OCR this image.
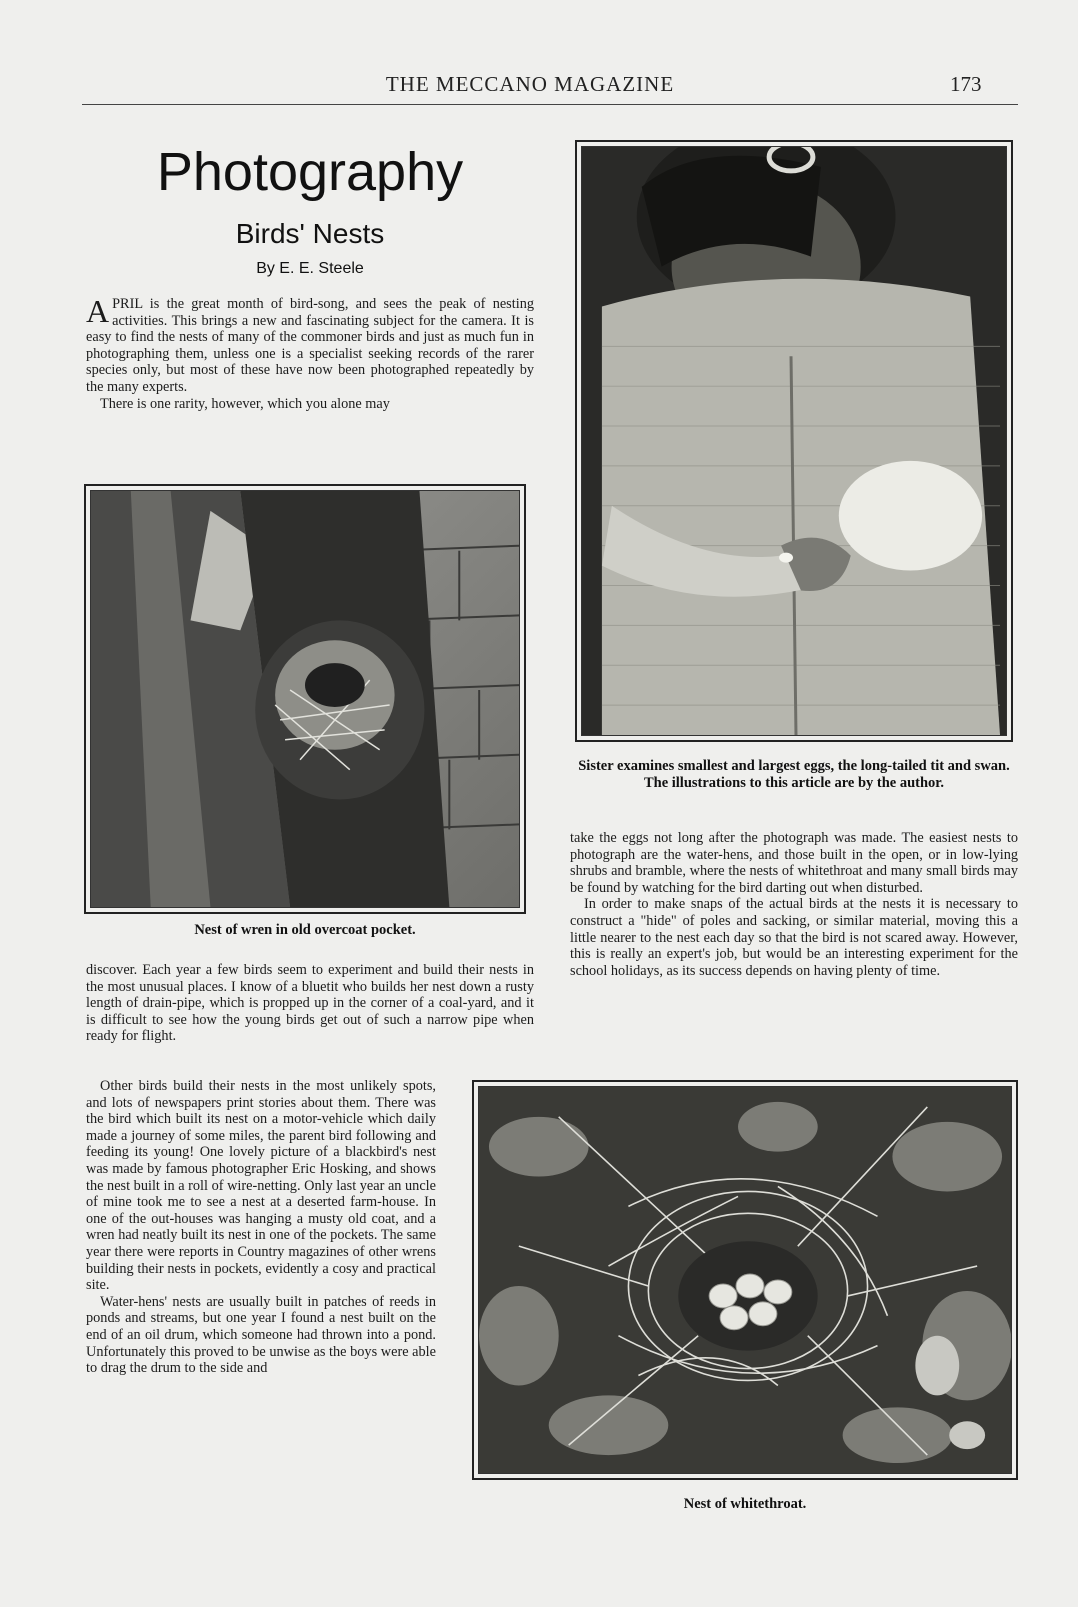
THE MECCANO MAGAZINE	173
Photography
Birds' Nests
By E. E. Steele

APRIL is the great month of bird-song, and sees the peak of nesting activities. This brings a new and fascinating subject for the camera. It is easy to find the nests of many of the commoner birds and just as much fun in photographing them, unless one is a specialist seeking records of the rarer species only, but most of these have now been photographed repeatedly by the many experts.

There is one rarity, however, which you alone may

Nest of wren in old overcoat pocket.

discover. Each year a few birds seem to experiment and build their nests in the most unusual places. I know of a bluetit who builds her nest down a rusty length of drain-pipe, which is propped up in the corner of a coal-yard, and it is difficult to see how the young birds get out of such a narrow pipe when ready for flight.

Other birds build their nests in the most unlikely spots, and lots of newspapers print stories about them. There was the bird which built its nest on a motor-vehicle which daily made a journey of some miles, the parent bird following and feeding its young! One lovely picture of a blackbird's nest was made by famous photographer Eric Hosking, and shows the nest built in a roll of wire-netting. Only last year an uncle of mine took me to see a nest at a deserted farm-house. In one of the out-houses was hanging a musty old coat, and a wren had neatly built its nest in one of the pockets. The same year there were reports in Country magazines of other wrens building their nests in pockets, evidently a cosy and practical site.

Water-hens' nests are usually built in patches of reeds in ponds and streams, but one year I found a nest built on the end of an oil drum, which someone had thrown into a pond. Unfortunately this proved to be unwise as the boys were able to drag the drum to the side and

Sister examines smallest and largest eggs, the long-tailed tit and swan. The illustrations to this article are by the author.

take the eggs not long after the photograph was made. The easiest nests to photograph are the water-hens, and those built in the open, or in low-lying shrubs and bramble, where the nests of whitethroat and many small birds may be found by watching for the bird darting out when disturbed.

In order to make snaps of the actual birds at the nests it is necessary to construct a "hide" of poles and sacking, or similar material, moving this a little nearer to the nest each day so that the bird is not scared away. However, this is really an expert's job, but would be an interesting experiment for the school holidays, as its success depends on having plenty of time.

Nest of whitethroat.
